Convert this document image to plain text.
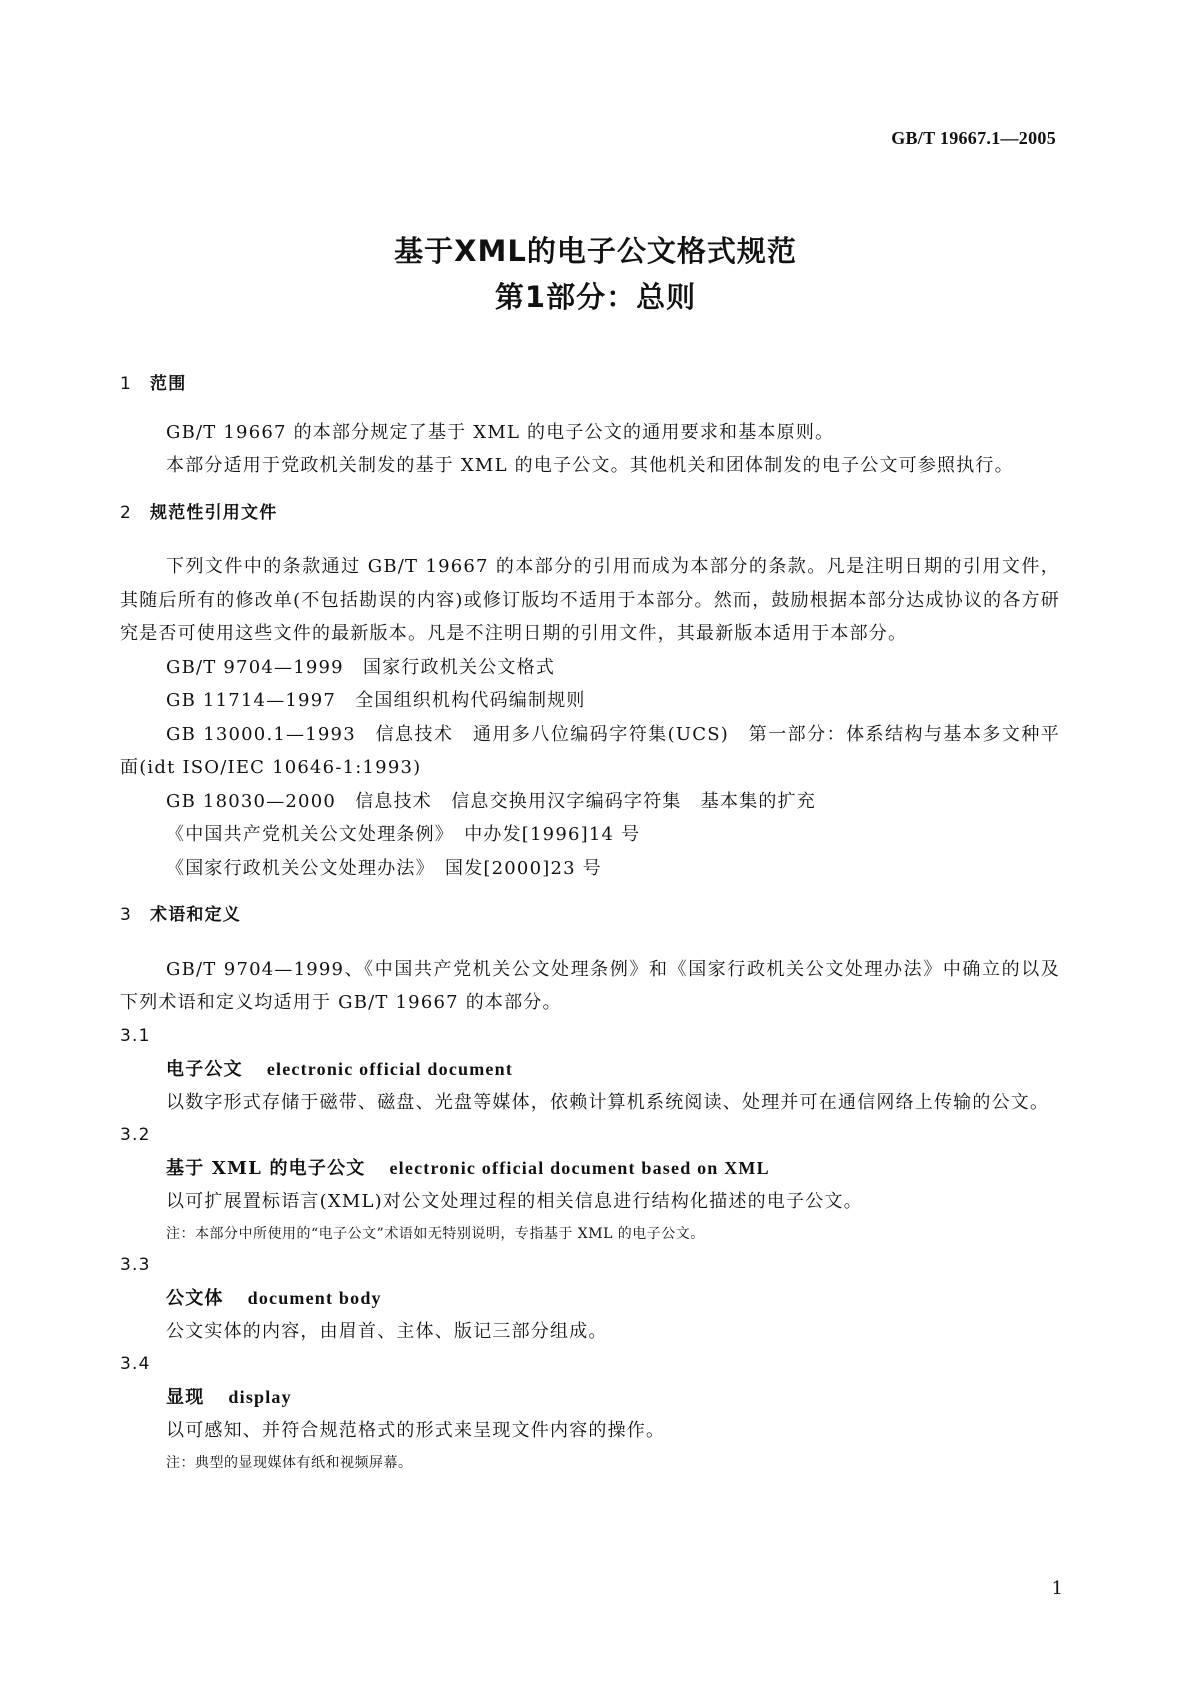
GB/T 19667.1—2005
基于XML的电子公文格式规范
第1部分：总则

1 范围

GB/T 19667 的本部分规定了基于 XML 的电子公文的通用要求和基本原则。

本部分适用于党政机关制发的基于 XML 的电子公文。其他机关和团体制发的电子公文可参照执行。

2 规范性引用文件

下列文件中的条款通过 GB/T 19667 的本部分的引用而成为本部分的条款。凡是注明日期的引用文件，其随后所有的修改单(不包括勘误的内容)或修订版均不适用于本部分。然而，鼓励根据本部分达成协议的各方研究是否可使用这些文件的最新版本。凡是不注明日期的引用文件，其最新版本适用于本部分。

GB/T 9704—1999　国家行政机关公文格式

GB 11714—1997　全国组织机构代码编制规则

GB 13000.1—1993　信息技术　通用多八位编码字符集(UCS)　第一部分：体系结构与基本多文种平面(idt ISO/IEC 10646-1:1993)

GB 18030—2000　信息技术　信息交换用汉字编码字符集　基本集的扩充

《中国共产党机关公文处理条例》　中办发[1996]14 号

《国家行政机关公文处理办法》　国发[2000]23 号

3 术语和定义

GB/T 9704—1999、《中国共产党机关公文处理条例》和《国家行政机关公文处理办法》中确立的以及下列术语和定义均适用于 GB/T 19667 的本部分。

3.1

电子公文 electronic official document

以数字形式存储于磁带、磁盘、光盘等媒体，依赖计算机系统阅读、处理并可在通信网络上传输的公文。

3.2

基于 XML 的电子公文 electronic official document based on XML

以可扩展置标语言(XML)对公文处理过程的相关信息进行结构化描述的电子公文。

注：本部分中所使用的“电子公文”术语如无特别说明，专指基于 XML 的电子公文。

3.3

公文体 document body

公文实体的内容，由眉首、主体、版记三部分组成。

3.4

显现 display

以可感知、并符合规范格式的形式来呈现文件内容的操作。

注：典型的显现媒体有纸和视频屏幕。

1
